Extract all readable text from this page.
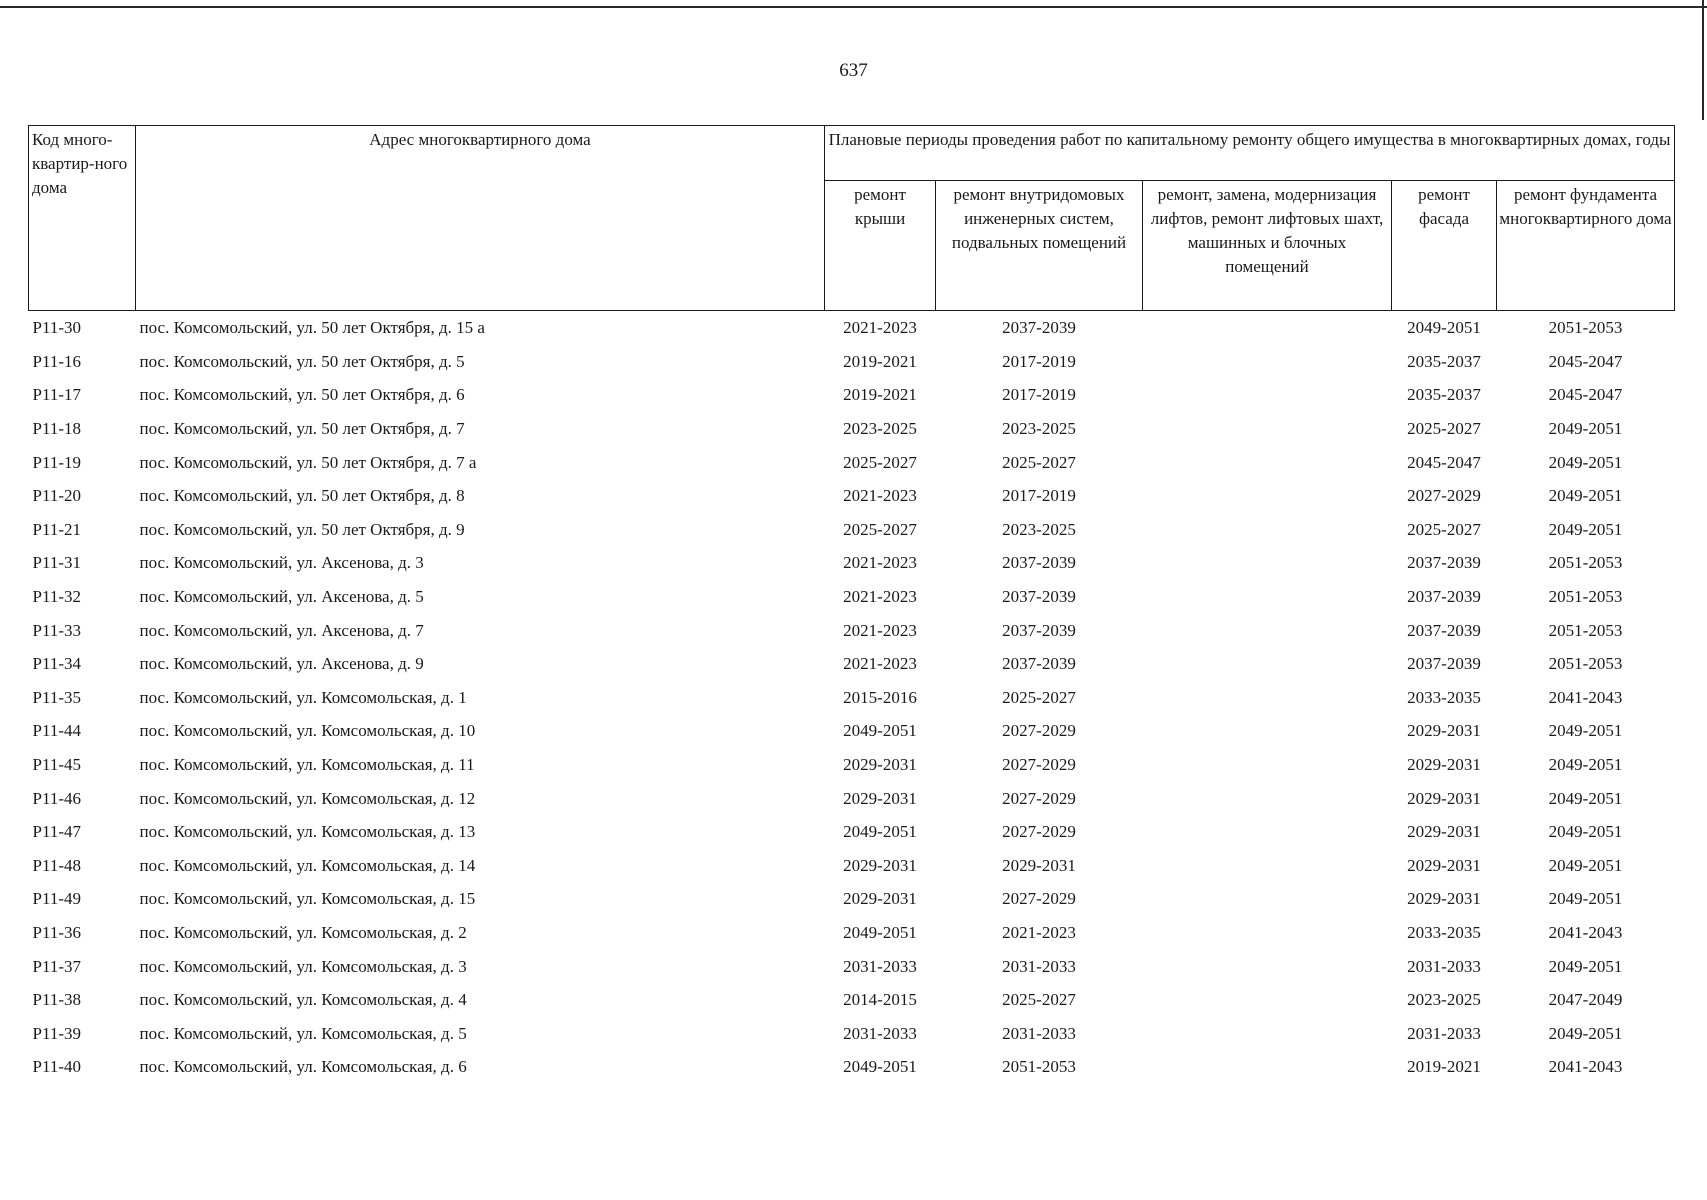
637
Код много-квартир-ного дома	Адрес многоквартирного дома	Плановые периоды проведения работ по капитальному ремонту общего имущества в многоквартирных домах, годы				
		ремонт крыши	ремонт внутридомовых инженерных систем, подвальных помещений	ремонт, замена, модернизация лифтов, ремонт лифтовых шахт, машинных и блочных помещений	ремонт фасада	ремонт фундамента многоквартирного дома
P11-30	пос. Комсомольский, ул. 50 лет Октября, д. 15 а	2021-2023	2037-2039		2049-2051	2051-2053
P11-16	пос. Комсомольский, ул. 50 лет Октября, д. 5	2019-2021	2017-2019		2035-2037	2045-2047
P11-17	пос. Комсомольский, ул. 50 лет Октября, д. 6	2019-2021	2017-2019		2035-2037	2045-2047
P11-18	пос. Комсомольский, ул. 50 лет Октября, д. 7	2023-2025	2023-2025		2025-2027	2049-2051
P11-19	пос. Комсомольский, ул. 50 лет Октября, д. 7 а	2025-2027	2025-2027		2045-2047	2049-2051
P11-20	пос. Комсомольский, ул. 50 лет Октября, д. 8	2021-2023	2017-2019		2027-2029	2049-2051
P11-21	пос. Комсомольский, ул. 50 лет Октября, д. 9	2025-2027	2023-2025		2025-2027	2049-2051
P11-31	пос. Комсомольский, ул. Аксенова, д. 3	2021-2023	2037-2039		2037-2039	2051-2053
P11-32	пос. Комсомольский, ул. Аксенова, д. 5	2021-2023	2037-2039		2037-2039	2051-2053
P11-33	пос. Комсомольский, ул. Аксенова, д. 7	2021-2023	2037-2039		2037-2039	2051-2053
P11-34	пос. Комсомольский, ул. Аксенова, д. 9	2021-2023	2037-2039		2037-2039	2051-2053
P11-35	пос. Комсомольский, ул. Комсомольская, д. 1	2015-2016	2025-2027		2033-2035	2041-2043
P11-44	пос. Комсомольский, ул. Комсомольская, д. 10	2049-2051	2027-2029		2029-2031	2049-2051
P11-45	пос. Комсомольский, ул. Комсомольская, д. 11	2029-2031	2027-2029		2029-2031	2049-2051
P11-46	пос. Комсомольский, ул. Комсомольская, д. 12	2029-2031	2027-2029		2029-2031	2049-2051
P11-47	пос. Комсомольский, ул. Комсомольская, д. 13	2049-2051	2027-2029		2029-2031	2049-2051
P11-48	пос. Комсомольский, ул. Комсомольская, д. 14	2029-2031	2029-2031		2029-2031	2049-2051
P11-49	пос. Комсомольский, ул. Комсомольская, д. 15	2029-2031	2027-2029		2029-2031	2049-2051
P11-36	пос. Комсомольский, ул. Комсомольская, д. 2	2049-2051	2021-2023		2033-2035	2041-2043
P11-37	пос. Комсомольский, ул. Комсомольская, д. 3	2031-2033	2031-2033		2031-2033	2049-2051
P11-38	пос. Комсомольский, ул. Комсомольская, д. 4	2014-2015	2025-2027		2023-2025	2047-2049
P11-39	пос. Комсомольский, ул. Комсомольская, д. 5	2031-2033	2031-2033		2031-2033	2049-2051
P11-40	пос. Комсомольский, ул. Комсомольская, д. 6	2049-2051	2051-2053		2019-2021	2041-2043
